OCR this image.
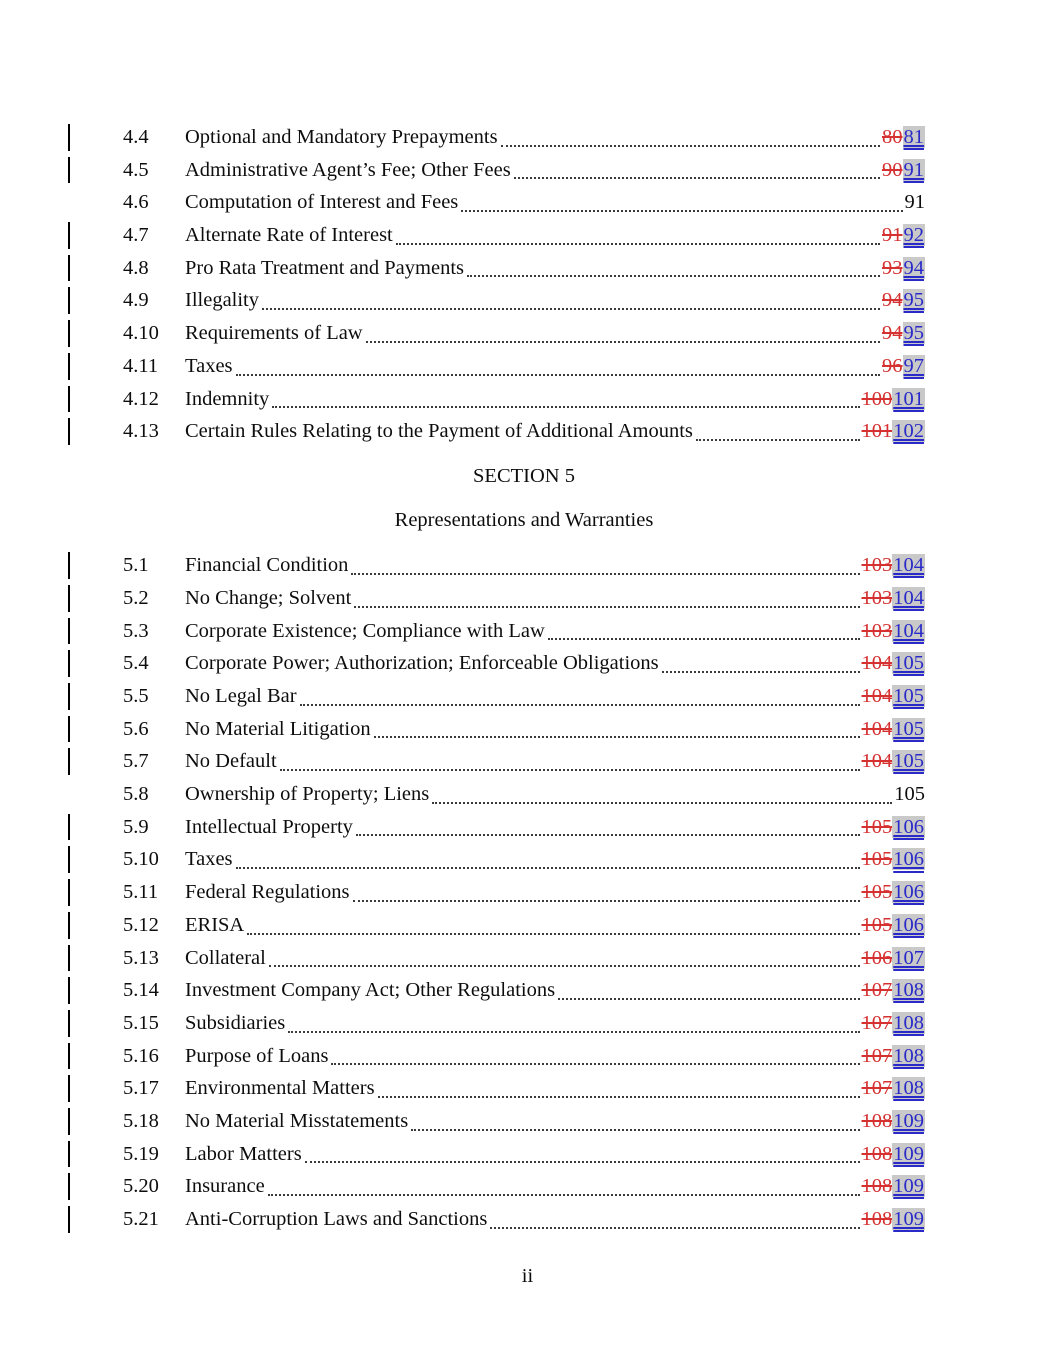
4.4	Optional and Mandatory Prepayments	8081
4.5	Administrative Agent’s Fee; Other Fees	9091
4.6	Computation of Interest and Fees	91
4.7	Alternate Rate of Interest	9192
4.8	Pro Rata Treatment and Payments	9394
4.9	Illegality	9495
4.10	Requirements of Law	9495
4.11	Taxes	9697
4.12	Indemnity	100101
4.13	Certain Rules Relating to the Payment of Additional Amounts	101102
SECTION 5
Representations and Warranties
5.1	Financial Condition	103104
5.2	No Change; Solvent	103104
5.3	Corporate Existence; Compliance with Law	103104
5.4	Corporate Power; Authorization; Enforceable Obligations	104105
5.5	No Legal Bar	104105
5.6	No Material Litigation	104105
5.7	No Default	104105
5.8	Ownership of Property; Liens	105
5.9	Intellectual Property	105106
5.10	Taxes	105106
5.11	Federal Regulations	105106
5.12	ERISA	105106
5.13	Collateral	106107
5.14	Investment Company Act; Other Regulations	107108
5.15	Subsidiaries	107108
5.16	Purpose of Loans	107108
5.17	Environmental Matters	107108
5.18	No Material Misstatements	108109
5.19	Labor Matters	108109
5.20	Insurance	108109
5.21	Anti-Corruption Laws and Sanctions	108109
ii
